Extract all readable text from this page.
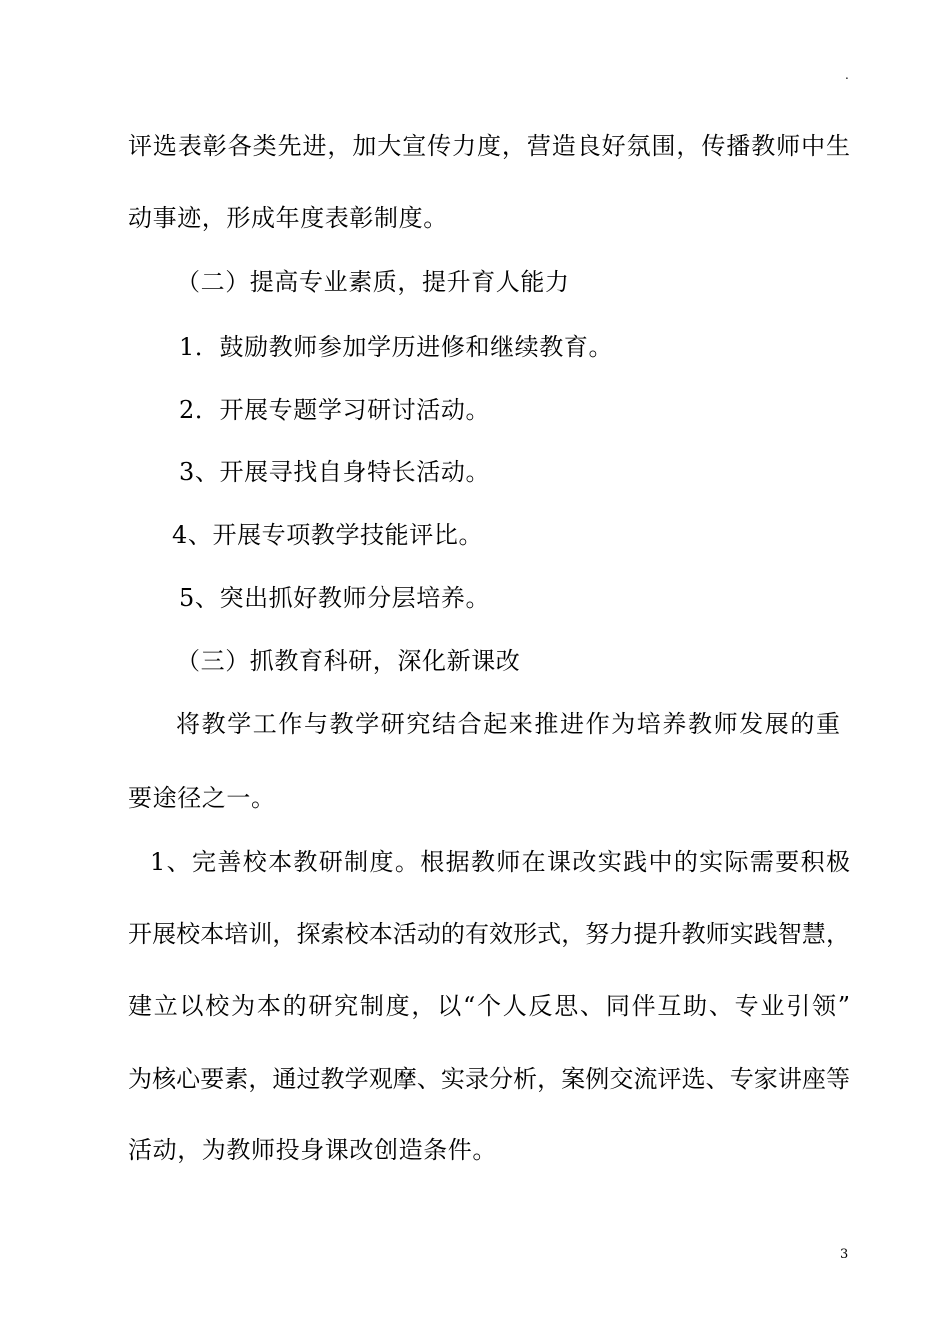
.
评选表彰各类先进，加大宣传力度，营造良好氛围，传播教师中生
动事迹，形成年度表彰制度。
（二）提高专业素质，提升育人能力
1．鼓励教师参加学历进修和继续教育。
2．开展专题学习研讨活动。
3、开展寻找自身特长活动。
4、开展专项教学技能评比。
5、突出抓好教师分层培养。
（三）抓教育科研，深化新课改
将教学工作与教学研究结合起来推进作为培养教师发展的重
要途径之一。
1、完善校本教研制度。根据教师在课改实践中的实际需要积极
开展校本培训，探索校本活动的有效形式，努力提升教师实践智慧，
建立以校为本的研究制度，以“个人反思、同伴互助、专业引领”
为核心要素，通过教学观摩、实录分析，案例交流评选、专家讲座等
活动，为教师投身课改创造条件。
3
